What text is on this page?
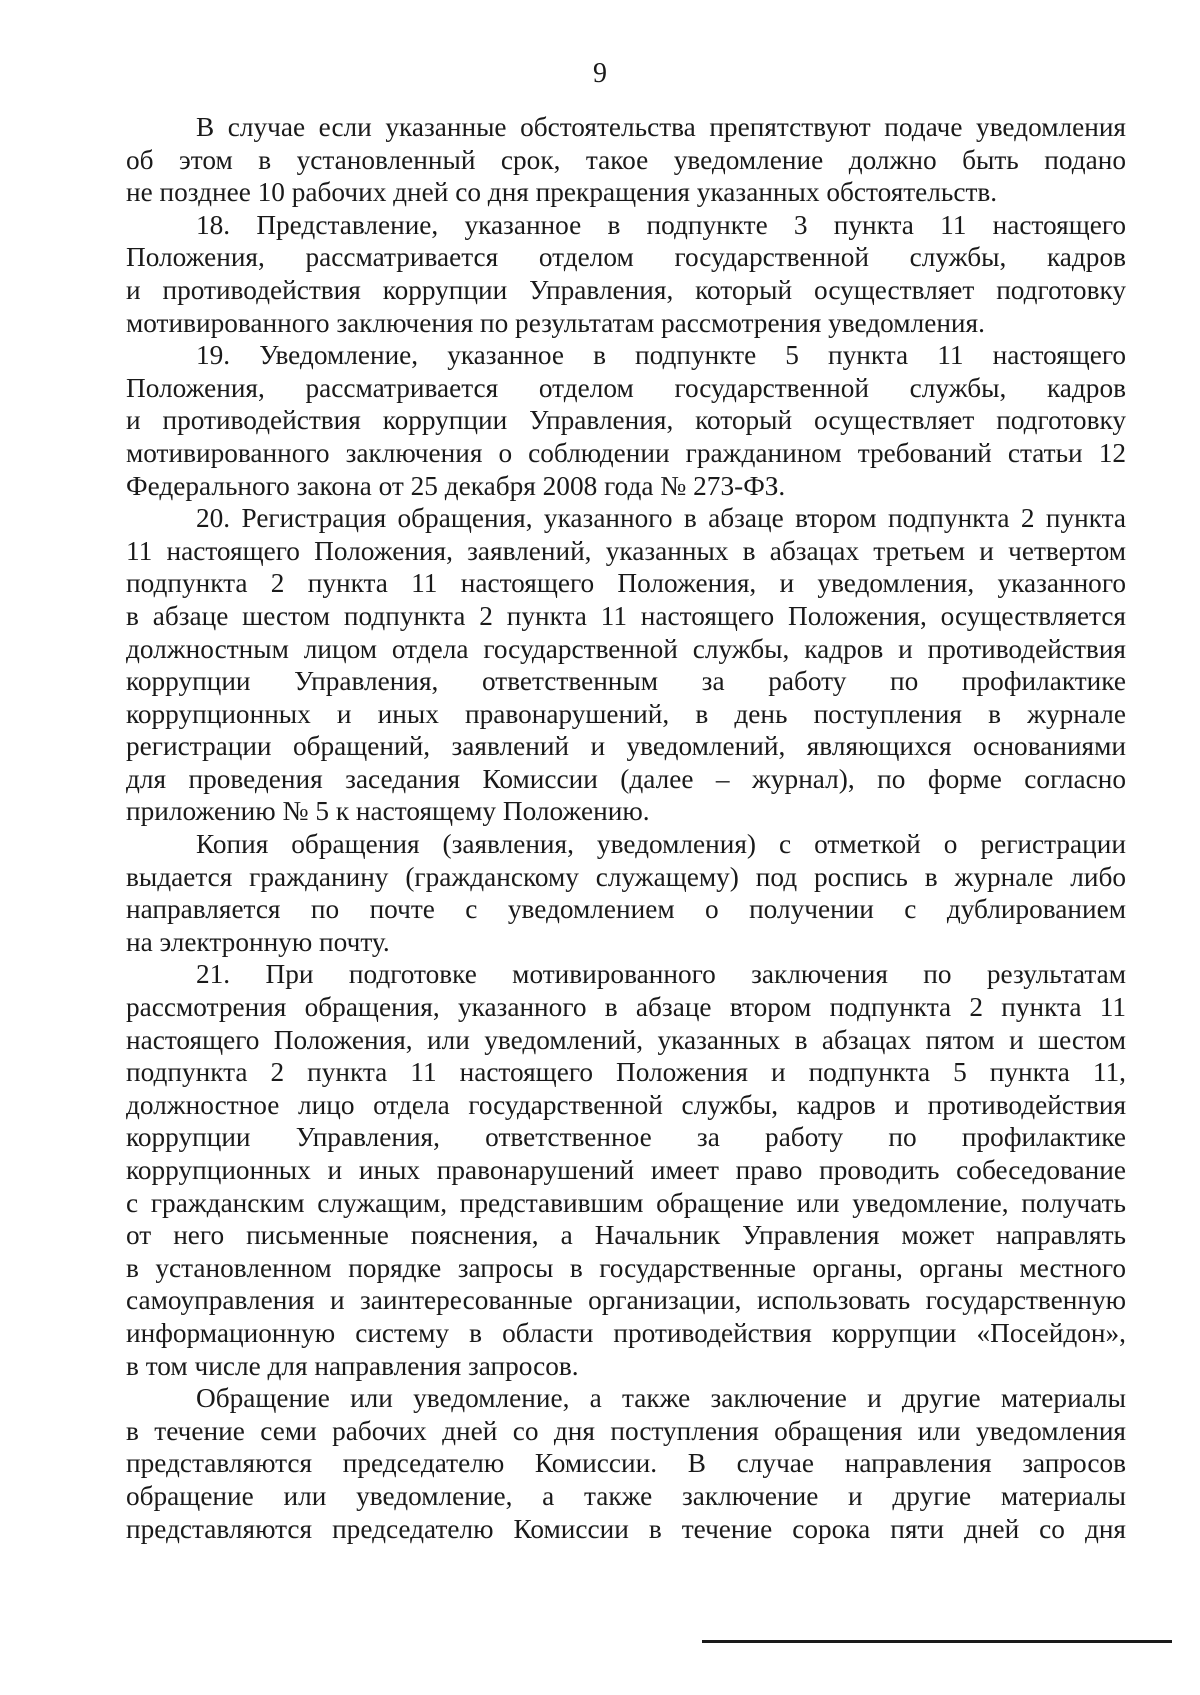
9
В случае если указанные обстоятельства препятствуют подаче уведомления
об этом в установленный срок, такое уведомление должно быть подано
не позднее 10 рабочих дней со дня прекращения указанных обстоятельств.
18. Представление, указанное в подпункте 3 пункта 11 настоящего
Положения, рассматривается отделом государственной службы, кадров
и противодействия коррупции Управления, который осуществляет подготовку
мотивированного заключения по результатам рассмотрения уведомления.
19. Уведомление, указанное в подпункте 5 пункта 11 настоящего
Положения, рассматривается отделом государственной службы, кадров
и противодействия коррупции Управления, который осуществляет подготовку
мотивированного заключения о соблюдении гражданином требований статьи 12
Федерального закона от 25 декабря 2008 года № 273-ФЗ.
20. Регистрация обращения, указанного в абзаце втором подпункта 2 пункта
11 настоящего Положения, заявлений, указанных в абзацах третьем и четвертом
подпункта 2 пункта 11 настоящего Положения, и уведомления, указанного
в абзаце шестом подпункта 2 пункта 11 настоящего Положения, осуществляется
должностным лицом отдела государственной службы, кадров и противодействия
коррупции Управления, ответственным за работу по профилактике
коррупционных и иных правонарушений, в день поступления в журнале
регистрации обращений, заявлений и уведомлений, являющихся основаниями
для проведения заседания Комиссии (далее – журнал), по форме согласно
приложению № 5 к настоящему Положению.
Копия обращения (заявления, уведомления) с отметкой о регистрации
выдается гражданину (гражданскому служащему) под роспись в журнале либо
направляется по почте с уведомлением о получении с дублированием
на электронную почту.
21. При подготовке мотивированного заключения по результатам
рассмотрения обращения, указанного в абзаце втором подпункта 2 пункта 11
настоящего Положения, или уведомлений, указанных в абзацах пятом и шестом
подпункта 2 пункта 11 настоящего Положения и подпункта 5 пункта 11,
должностное лицо отдела государственной службы, кадров и противодействия
коррупции Управления, ответственное за работу по профилактике
коррупционных и иных правонарушений имеет право проводить собеседование
с гражданским служащим, представившим обращение или уведомление, получать
от него письменные пояснения, а Начальник Управления может направлять
в установленном порядке запросы в государственные органы, органы местного
самоуправления и заинтересованные организации, использовать государственную
информационную систему в области противодействия коррупции «Посейдон»,
в том числе для направления запросов.
Обращение или уведомление, а также заключение и другие материалы
в течение семи рабочих дней со дня поступления обращения или уведомления
представляются председателю Комиссии. В случае направления запросов
обращение или уведомление, а также заключение и другие материалы
представляются председателю Комиссии в течение сорока пяти дней со дня
